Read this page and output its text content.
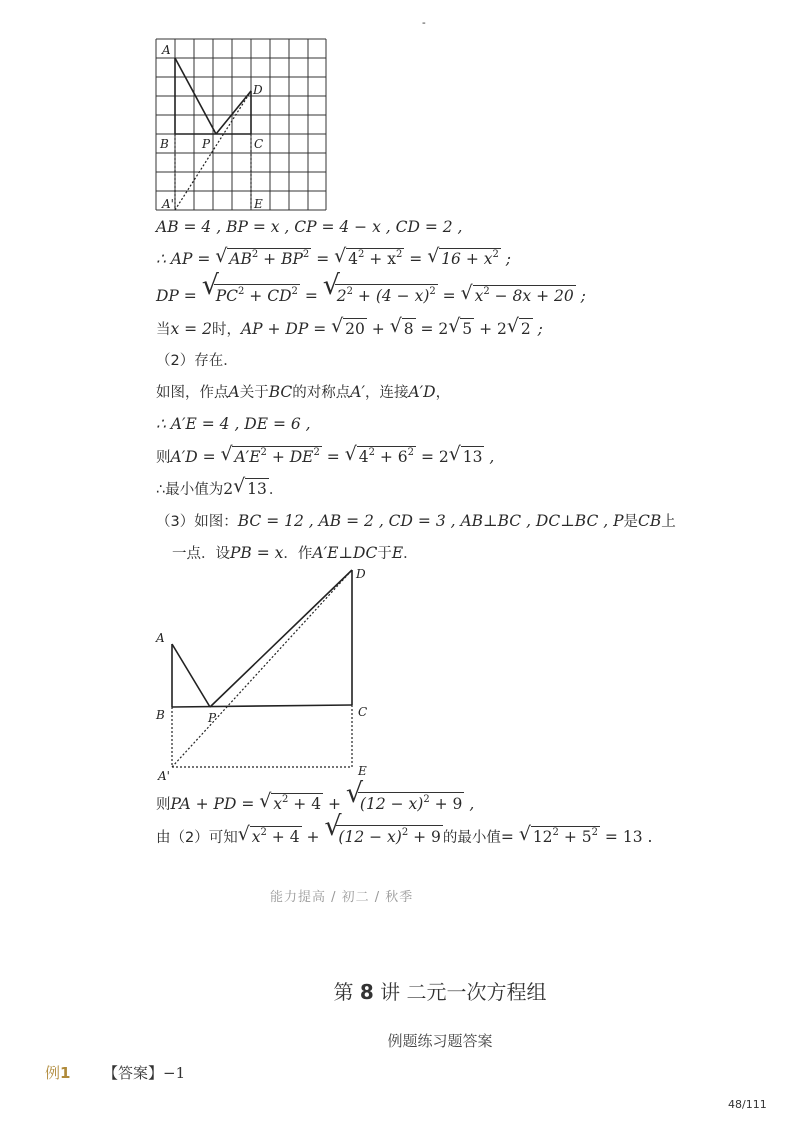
-
A
B	P	C
D
A'	E
AB = 4 , BP = x , CP = 4 − x , CD = 2 ,
∴ AP = √ $AB^2 + BP^2$ = √ $4^2 + x^2$ = √ $16 + x^2$ ;
DP = √ $PC^2 + CD^2$ = √ $2^2 + (4 - x)^2$ = √ $x^2 - 8x + 20$ ;
当x = 2时，AP + DP = √ 20 + √ 8 = 2√ 5 + 2√ 2 ;
（2）存在．
如图，作点A关于BC的对称点A′，连接A′D，
∴ A′E = 4 , DE = 6 ,
则A′D = √ $A'E^2 + DE^2$ = √ $4^2 + 6^2 = 2√$ 13 ,
∴最小值为2√ 13 ．
（3）如图：BC = 12 , AB = 2 , CD = 3 , AB⊥BC , DC⊥BC , P是CB上
一点．设PB = x．作A′E⊥DC于E．
A
B	P	C
D
A'	E
则PA + PD = √ $x^2 + 4$ + √ $(12 - x)^2 + 9$ ,
由（2）可知√ $x^2 + 4$ + √ $(12 - x)^2 + 9$ 的最小值= √ $12^2 + 5^2 = 13$ .
能力提高 / 初二 / 秋季
第 8 讲 二元一次方程组
例题练习题答案
例1 【答案】−1
48/111
